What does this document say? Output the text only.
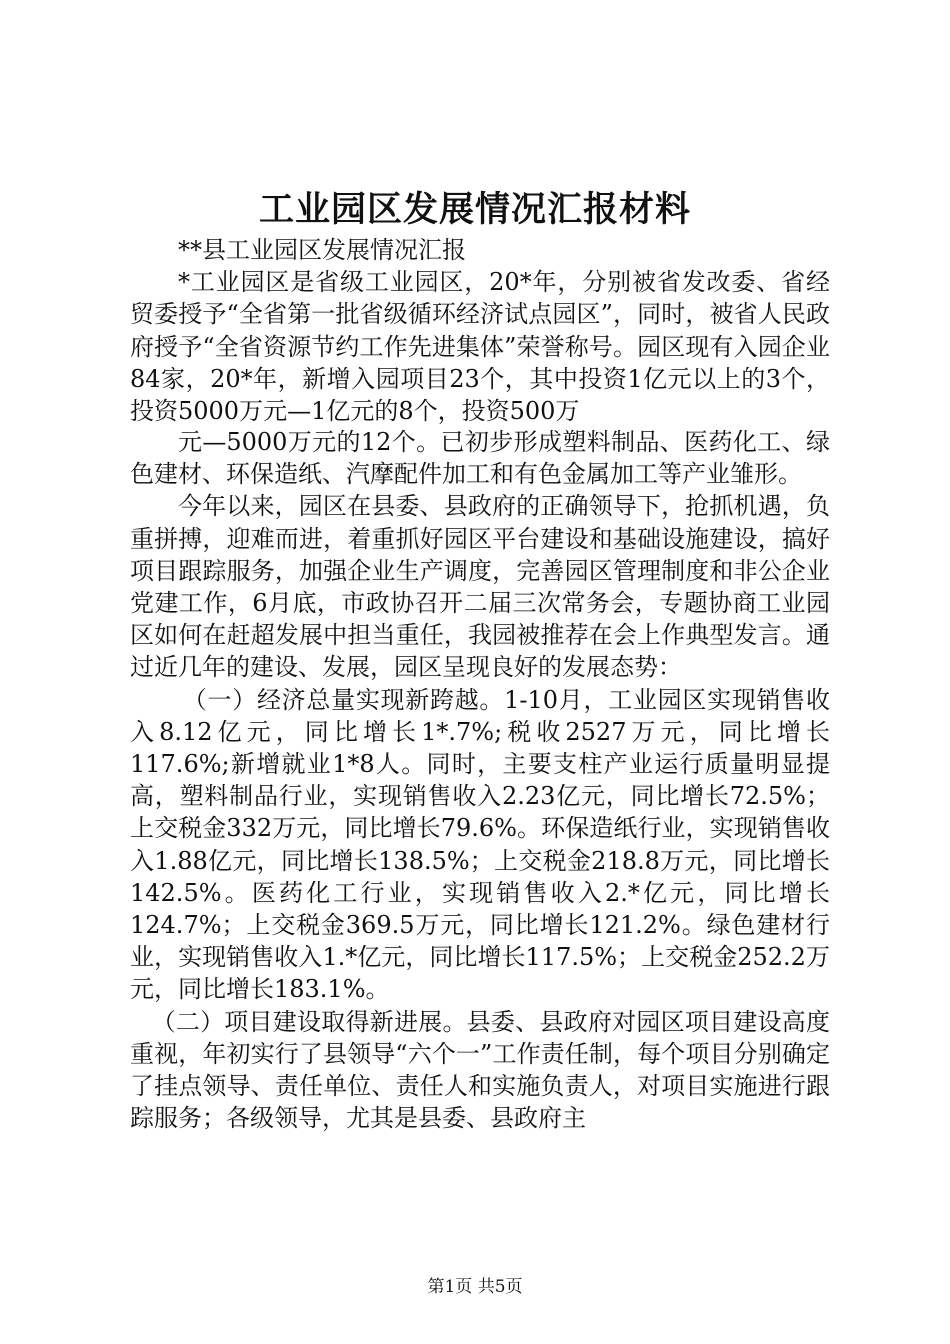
工业园区发展情况汇报材料

**县工业园区发展情况汇报

*工业园区是省级工业园区，20*年，分别被省发改委、省经贸委授予“全省第一批省级循环经济试点园区”，同时，被省人民政府授予“全省资源节约工作先进集体”荣誉称号。园区现有入园企业84家，20*年，新增入园项目23个，其中投资1亿元以上的3个，投资5000万元—1亿元的8个，投资500万

元—5000万元的12个。已初步形成塑料制品、医药化工、绿色建材、环保造纸、汽摩配件加工和有色金属加工等产业雏形。

今年以来，园区在县委、县政府的正确领导下，抢抓机遇，负重拼搏，迎难而进，着重抓好园区平台建设和基础设施建设，搞好项目跟踪服务，加强企业生产调度，完善园区管理制度和非公企业党建工作，6月底，市政协召开二届三次常务会，专题协商工业园区如何在赶超发展中担当重任，我园被推荐在会上作典型发言。通过近几年的建设、发展，园区呈现良好的发展态势：

（一）经济总量实现新跨越。1-10月，工业园区实现销售收入8.12亿元，同比增长1*.7%;税收2527万元，同比增长117.6%;新增就业1*8人。同时，主要支柱产业运行质量明显提高，塑料制品行业，实现销售收入2.23亿元，同比增长72.5%；上交税金332万元，同比增长79.6%。环保造纸行业，实现销售收入1.88亿元，同比增长138.5%；上交税金218.8万元，同比增长142.5%。医药化工行业，实现销售收入2.*亿元，同比增长124.7%；上交税金369.5万元，同比增长121.2%。绿色建材行业，实现销售收入1.*亿元，同比增长117.5%；上交税金252.2万元，同比增长183.1%。

（二）项目建设取得新进展。县委、县政府对园区项目建设高度重视，年初实行了县领导“六个一”工作责任制，每个项目分别确定了挂点领导、责任单位、责任人和实施负责人，对项目实施进行跟踪服务；各级领导，尤其是县委、县政府主

第1页 共5页
